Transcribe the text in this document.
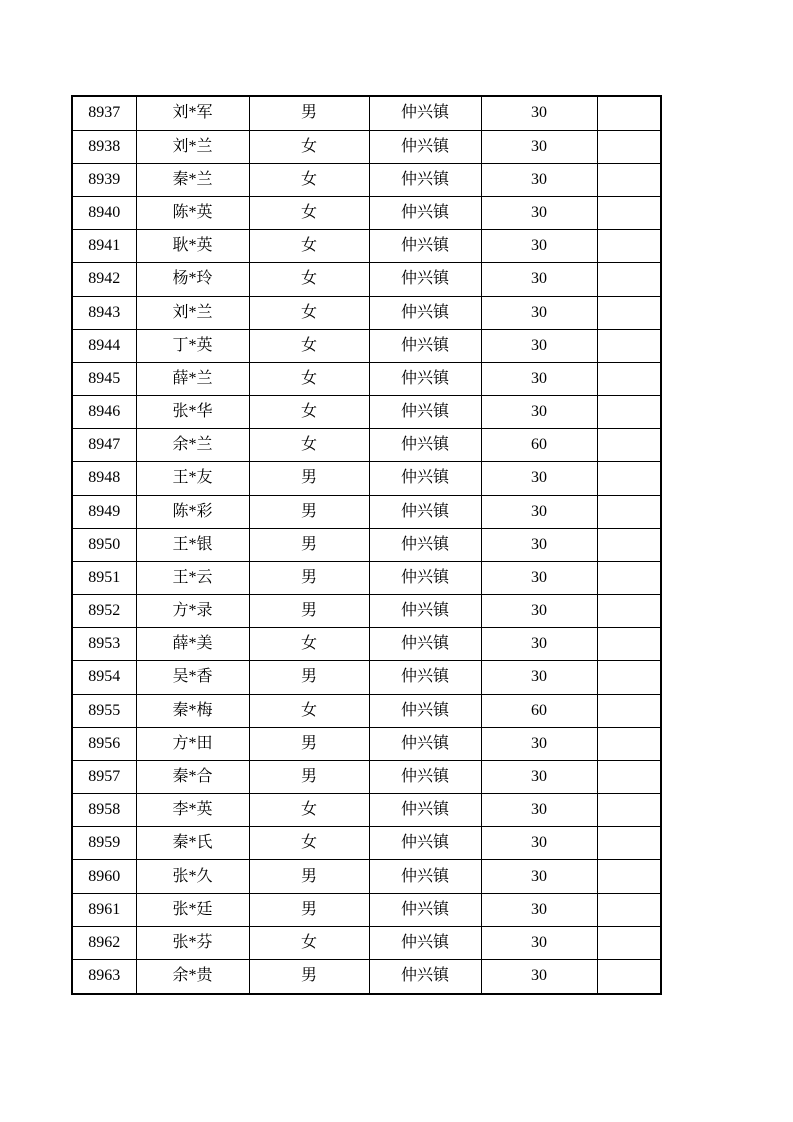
8937	刘*军	男	仲兴镇	30	
8938	刘*兰	女	仲兴镇	30	
8939	秦*兰	女	仲兴镇	30	
8940	陈*英	女	仲兴镇	30	
8941	耿*英	女	仲兴镇	30	
8942	杨*玲	女	仲兴镇	30	
8943	刘*兰	女	仲兴镇	30	
8944	丁*英	女	仲兴镇	30	
8945	薛*兰	女	仲兴镇	30	
8946	张*华	女	仲兴镇	30	
8947	余*兰	女	仲兴镇	60	
8948	王*友	男	仲兴镇	30	
8949	陈*彩	男	仲兴镇	30	
8950	王*银	男	仲兴镇	30	
8951	王*云	男	仲兴镇	30	
8952	方*录	男	仲兴镇	30	
8953	薛*美	女	仲兴镇	30	
8954	吴*香	男	仲兴镇	30	
8955	秦*梅	女	仲兴镇	60	
8956	方*田	男	仲兴镇	30	
8957	秦*合	男	仲兴镇	30	
8958	李*英	女	仲兴镇	30	
8959	秦*氏	女	仲兴镇	30	
8960	张*久	男	仲兴镇	30	
8961	张*廷	男	仲兴镇	30	
8962	张*芬	女	仲兴镇	30	
8963	余*贵	男	仲兴镇	30	
